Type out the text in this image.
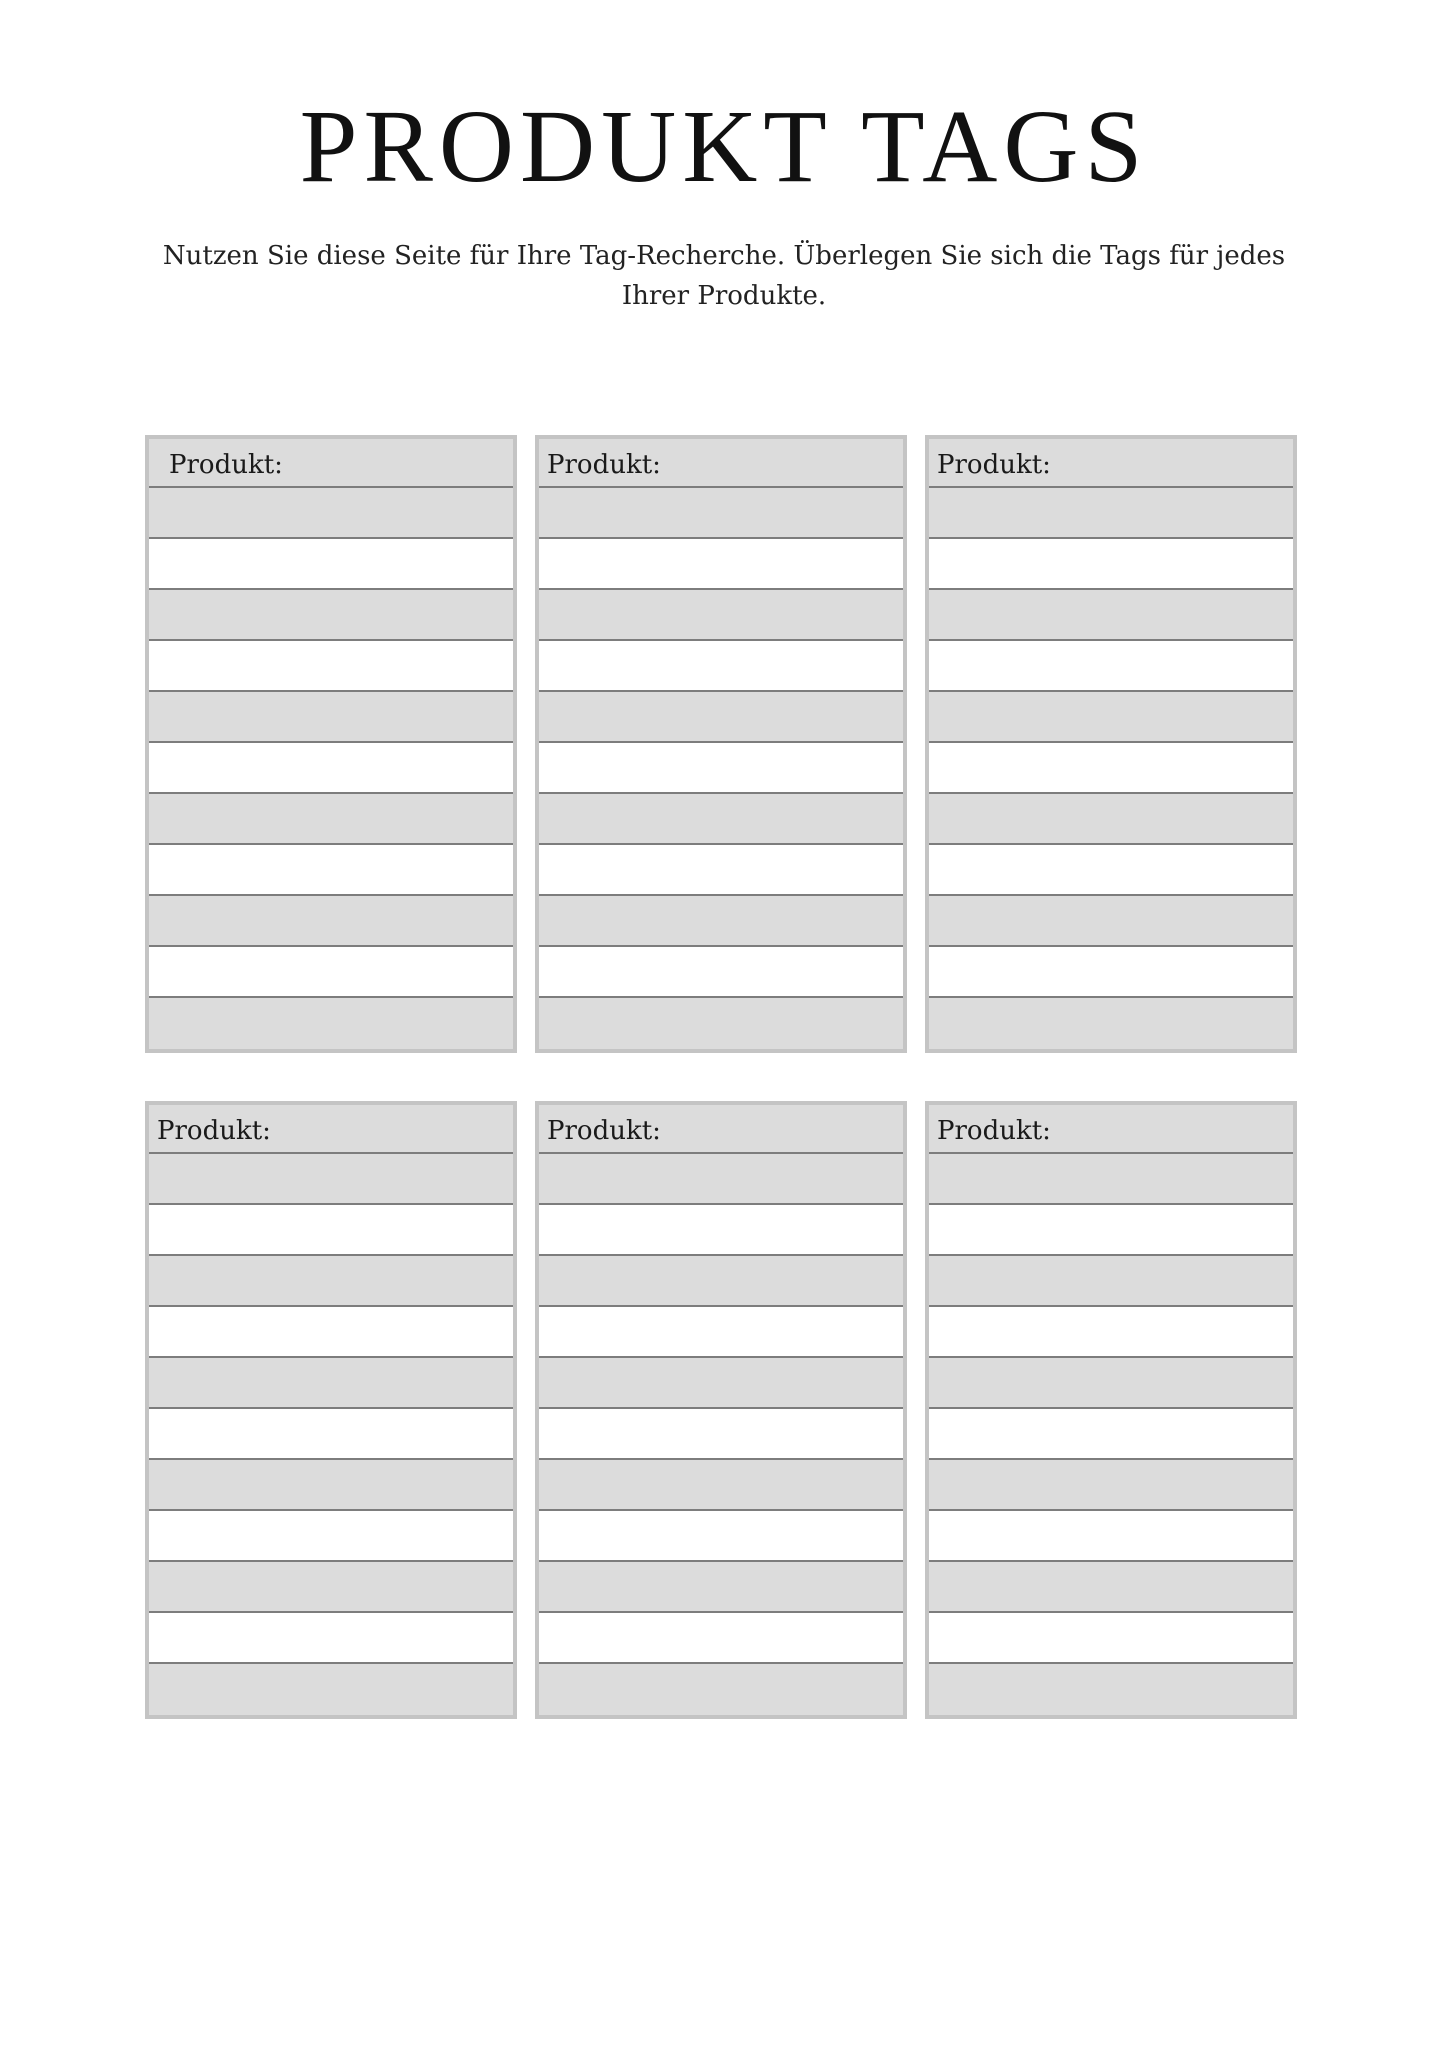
PRODUKT TAGS

Nutzen Sie diese Seite für Ihre Tag-Recherche. Überlegen Sie sich die Tags für jedes
Ihrer Produkte.

Produkt:	Produkt:	Produkt:
Produkt:	Produkt:	Produkt:
